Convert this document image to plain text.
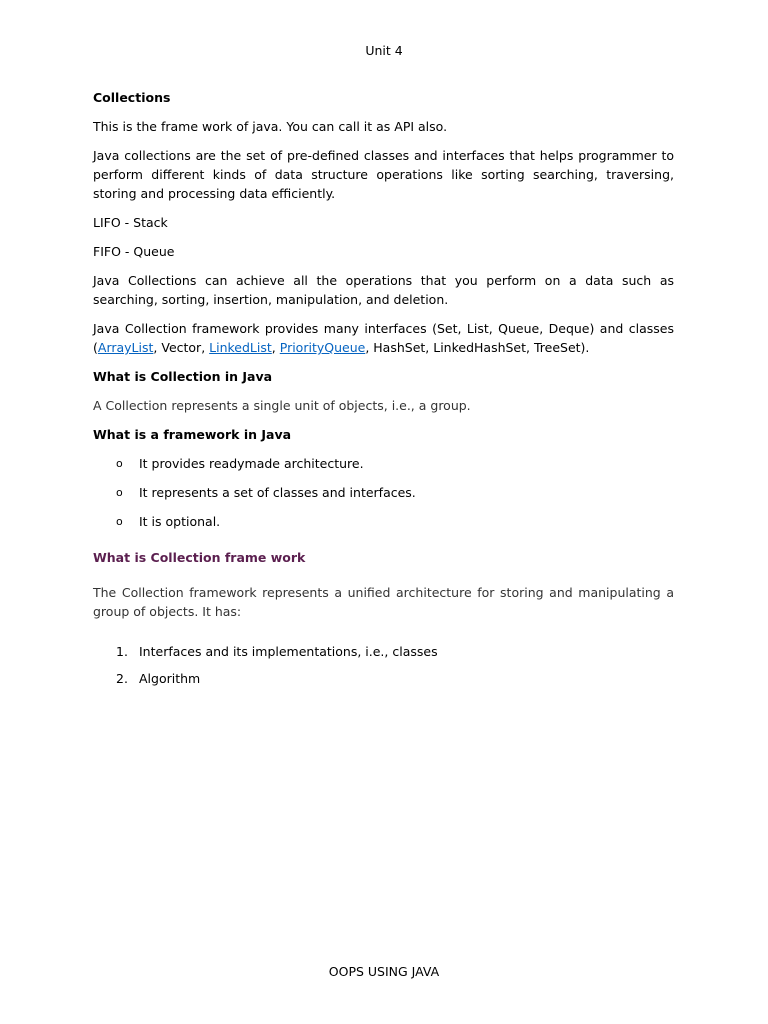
Unit 4

Collections

This is the frame work of java. You can call it as API also.

Java collections are the set of pre-defined classes and interfaces that helps programmer to perform different kinds of data structure operations like sorting searching, traversing, storing and processing data efficiently.

LIFO - Stack

FIFO - Queue

Java Collections can achieve all the operations that you perform on a data such as searching, sorting, insertion, manipulation, and deletion.

Java Collection framework provides many interfaces (Set, List, Queue, Deque) and classes (ArrayList, Vector, LinkedList, PriorityQueue, HashSet, LinkedHashSet, TreeSet).

What is Collection in Java

A Collection represents a single unit of objects, i.e., a group.

What is a framework in Java

o It provides readymade architecture.
o It represents a set of classes and interfaces.
o It is optional.

What is Collection frame work

The Collection framework represents a unified architecture for storing and manipulating a group of objects. It has:

1. Interfaces and its implementations, i.e., classes
2. Algorithm
OOPS USING JAVA
